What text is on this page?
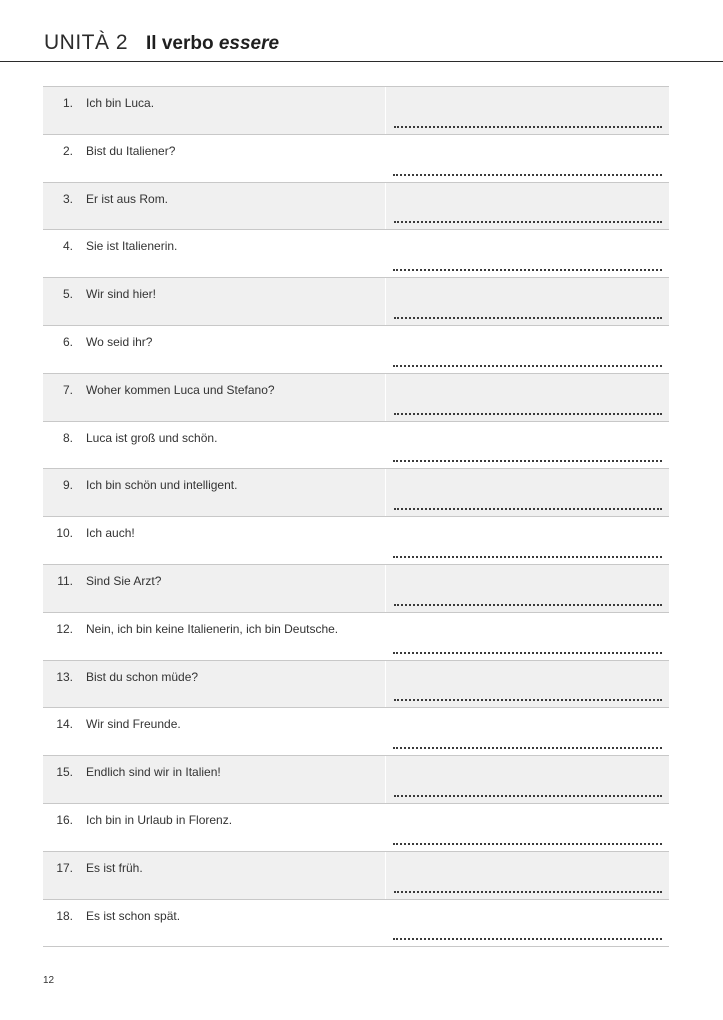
UNITÀ 2 Il verbo essere
1. Ich bin Luca.
2. Bist du Italiener?
3. Er ist aus Rom.
4. Sie ist Italienerin.
5. Wir sind hier!
6. Wo seid ihr?
7. Woher kommen Luca und Stefano?
8. Luca ist groß und schön.
9. Ich bin schön und intelligent.
10. Ich auch!
11. Sind Sie Arzt?
12. Nein, ich bin keine Italienerin, ich bin Deutsche.
13. Bist du schon müde?
14. Wir sind Freunde.
15. Endlich sind wir in Italien!
16. Ich bin in Urlaub in Florenz.
17. Es ist früh.
18. Es ist schon spät.
12
